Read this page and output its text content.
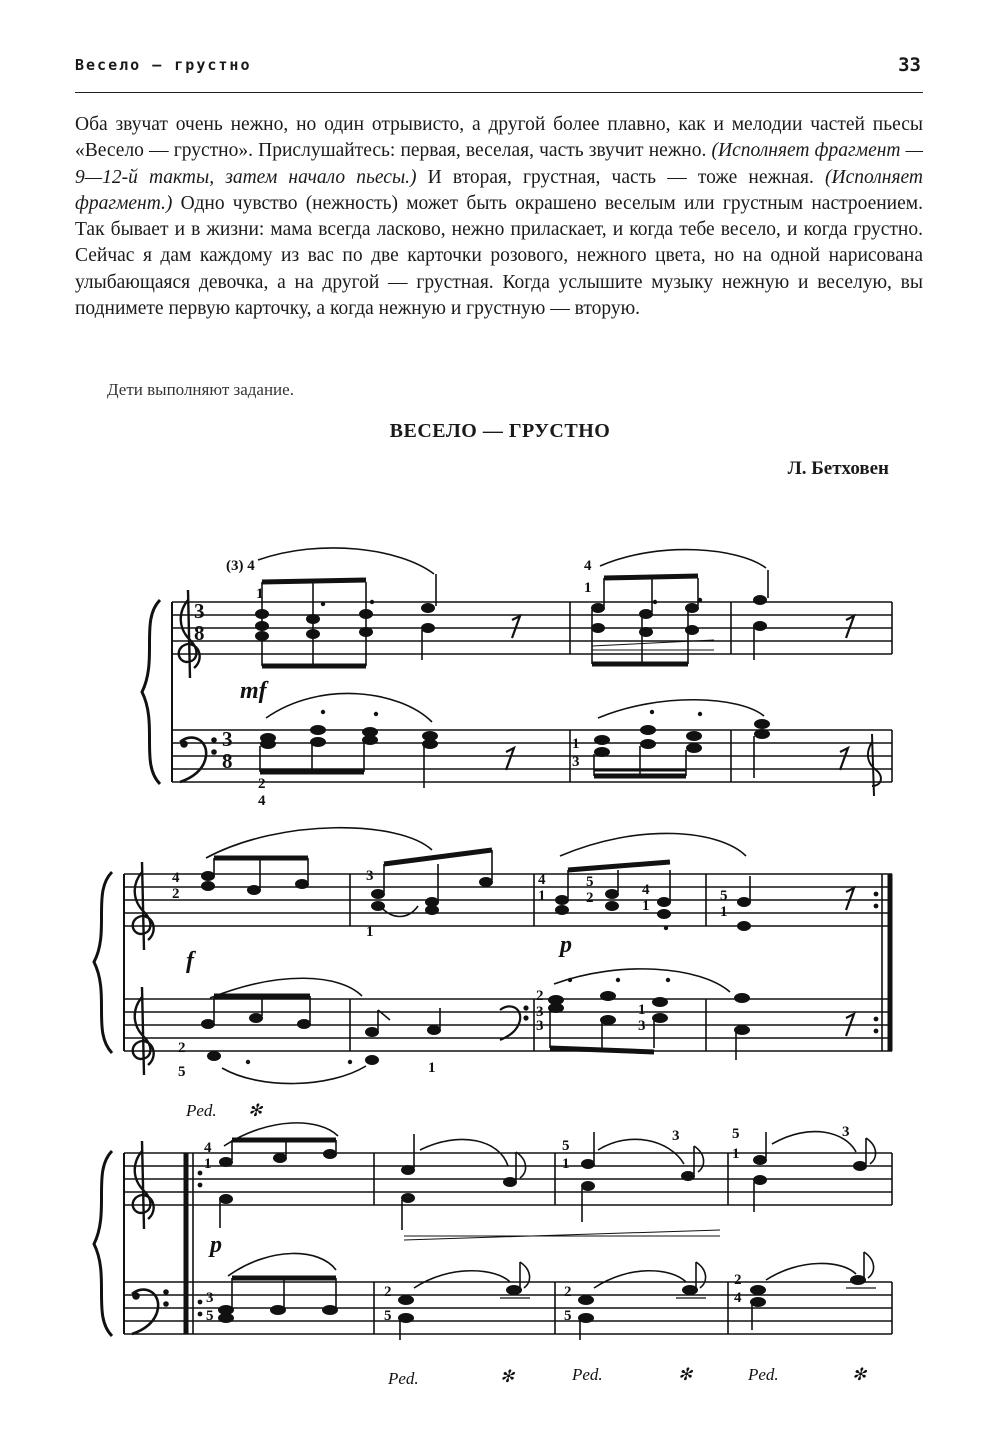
Весело — грустно	33

Оба звучат очень нежно, но один отрывисто, а другой более плавно, как и мелодии частей пьесы «Весело — грустно». Прислушайтесь: первая, веселая, часть звучит нежно. (Исполняет фрагмент — 9—12-й такты, затем начало пьесы.) И вторая, грустная, часть — тоже нежная. (Исполняет фрагмент.) Одно чувство (нежность) может быть окрашено веселым или грустным настроением. Так бывает и в жизни: мама всегда ласково, нежно приласкает, и когда тебе весело, и когда грустно. Сейчас я дам каждому из вас по две карточки розового, нежного цвета, но на одной нарисована улыбающаяся девочка, а на другой — грустная. Когда услышите музыку нежную и веселую, вы поднимете первую карточку, а когда нежную и грустную — вторую.

Дети выполняют задание.

ВЕСЕЛО — ГРУСТНО
Л. Бетховен
(3) 4
1
4
1
1
3
2
4
mf
3
8
3
8
4
2
3
1
4
1
5
2	4
1
5
1
f
p
2
3
3
1
3
2
5	1
Ped. ✻
4
1
5
1
3	5
1
3
p
3
5
2
5
2
5
2
4
Ped.	✻	Ped.	✻	Ped.	✻
